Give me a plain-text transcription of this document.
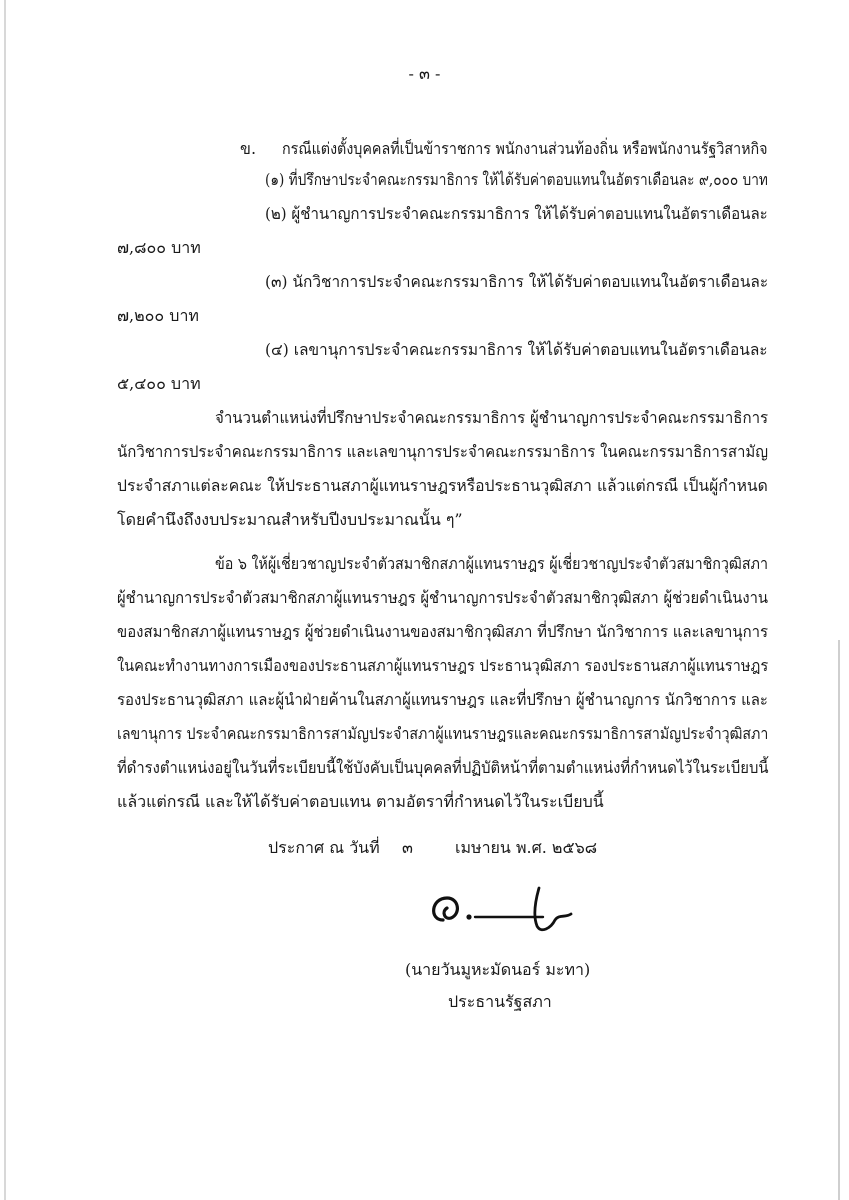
- ๓ -
ข. กรณีแต่งตั้งบุคคลที่เป็นข้าราชการ พนักงานส่วนท้องถิ่น หรือพนักงานรัฐวิสาหกิจ
(๑) ที่ปรึกษาประจำคณะกรรมาธิการ ให้ได้รับค่าตอบแทนในอัตราเดือนละ ๙,๐๐๐ บาท
(๒) ผู้ชำนาญการประจำคณะกรรมาธิการ ให้ได้รับค่าตอบแทนในอัตราเดือนละ
๗,๘๐๐ บาท
(๓) นักวิชาการประจำคณะกรรมาธิการ ให้ได้รับค่าตอบแทนในอัตราเดือนละ
๗,๒๐๐ บาท
(๔) เลขานุการประจำคณะกรรมาธิการ ให้ได้รับค่าตอบแทนในอัตราเดือนละ
๕,๔๐๐ บาท
จำนวนตำแหน่งที่ปรึกษาประจำคณะกรรมาธิการ ผู้ชำนาญการประจำคณะกรรมาธิการ
นักวิชาการประจำคณะกรรมาธิการ และเลขานุการประจำคณะกรรมาธิการ ในคณะกรรมาธิการสามัญ
ประจำสภาแต่ละคณะ ให้ประธานสภาผู้แทนราษฎรหรือประธานวุฒิสภา แล้วแต่กรณี เป็นผู้กำหนด
โดยคำนึงถึงงบประมาณสำหรับปีงบประมาณนั้น ๆ”
ข้อ ๖ ให้ผู้เชี่ยวชาญประจำตัวสมาชิกสภาผู้แทนราษฎร ผู้เชี่ยวชาญประจำตัวสมาชิกวุฒิสภา
ผู้ชำนาญการประจำตัวสมาชิกสภาผู้แทนราษฎร ผู้ชำนาญการประจำตัวสมาชิกวุฒิสภา ผู้ช่วยดำเนินงาน
ของสมาชิกสภาผู้แทนราษฎร ผู้ช่วยดำเนินงานของสมาชิกวุฒิสภา ที่ปรึกษา นักวิชาการ และเลขานุการ
ในคณะทำงานทางการเมืองของประธานสภาผู้แทนราษฎร ประธานวุฒิสภา รองประธานสภาผู้แทนราษฎร
รองประธานวุฒิสภา และผู้นำฝ่ายค้านในสภาผู้แทนราษฎร และที่ปรึกษา ผู้ชำนาญการ นักวิชาการ และ
เลขานุการ ประจำคณะกรรมาธิการสามัญประจำสภาผู้แทนราษฎรและคณะกรรมาธิการสามัญประจำวุฒิสภา
ที่ดำรงตำแหน่งอยู่ในวันที่ระเบียบนี้ใช้บังคับเป็นบุคคลที่ปฏิบัติหน้าที่ตามตำแหน่งที่กำหนดไว้ในระเบียบนี้
แล้วแต่กรณี และให้ได้รับค่าตอบแทน ตามอัตราที่กำหนดไว้ในระเบียบนี้
ประกาศ ณ วันที่ ๓	เมษายน พ.ศ. ๒๕๖๘
(นายวันมูหะมัดนอร์ มะทา)
ประธานรัฐสภา
